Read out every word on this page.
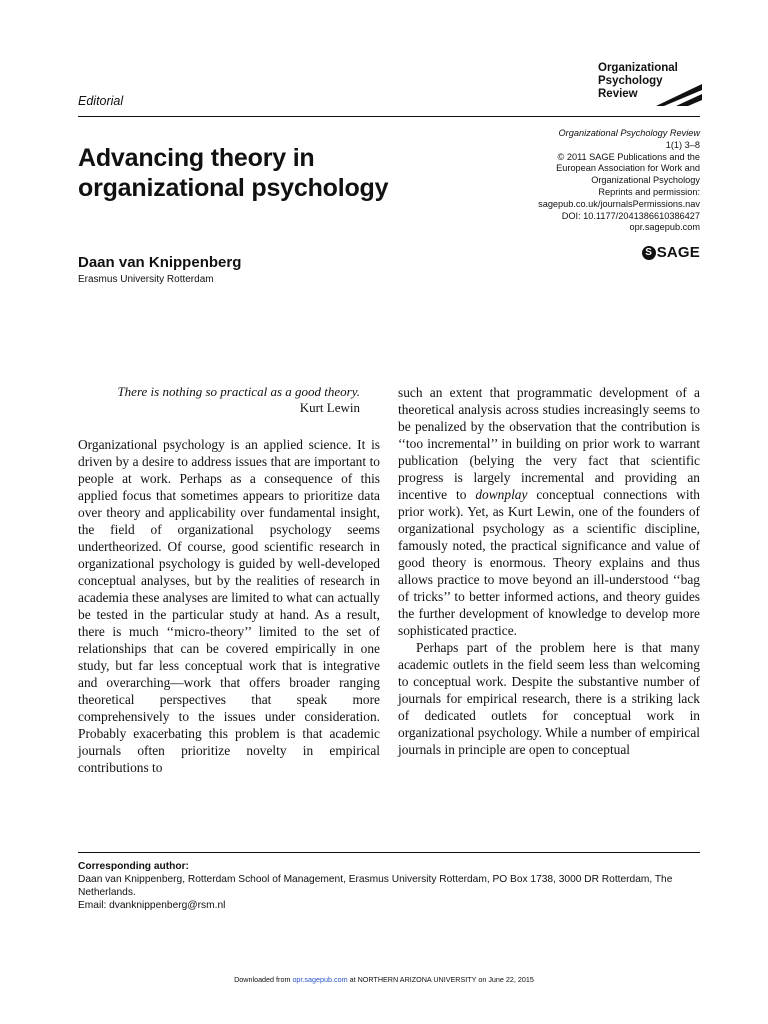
Organizational
Psychology
Review
Editorial
Organizational Psychology Review
1(1) 3–8
© 2011 SAGE Publications and the
European Association for Work and
Organizational Psychology
Reprints and permission:
sagepub.co.uk/journalsPermissions.nav
DOI: 10.1177/2041386610386427
opr.sagepub.com
S SAGE
Advancing theory in organizational psychology
Daan van Knippenberg
Erasmus University Rotterdam
There is nothing so practical as a good theory.
Kurt Lewin

Organizational psychology is an applied science. It is driven by a desire to address issues that are important to people at work. Perhaps as a consequence of this applied focus that sometimes appears to prioritize data over theory and applicability over fundamental insight, the field of organizational psychology seems undertheorized. Of course, good scientific research in organizational psychology is guided by well-developed conceptual analyses, but by the realities of research in academia these analyses are limited to what can actually be tested in the particular study at hand. As a result, there is much ‘‘micro-theory’’ limited to the set of relationships that can be covered empirically in one study, but far less conceptual work that is integrative and overarching—work that offers broader ranging theoretical perspectives that speak more comprehensively to the issues under consideration. Probably exacerbating this problem is that academic journals often prioritize novelty in empirical contributions to

such an extent that programmatic development of a theoretical analysis across studies increasingly seems to be penalized by the observation that the contribution is ‘‘too incremental’’ in building on prior work to warrant publication (belying the very fact that scientific progress is largely incremental and providing an incentive to downplay conceptual connections with prior work). Yet, as Kurt Lewin, one of the founders of organizational psychology as a scientific discipline, famously noted, the practical significance and value of good theory is enormous. Theory explains and thus allows practice to move beyond an ill-understood ‘‘bag of tricks’’ to better informed actions, and theory guides the further development of knowledge to develop more sophisticated practice.

Perhaps part of the problem here is that many academic outlets in the field seem less than welcoming to conceptual work. Despite the substantive number of journals for empirical research, there is a striking lack of dedicated outlets for conceptual work in organizational psychology. While a number of empirical journals in principle are open to conceptual

Corresponding author:
Daan van Knippenberg, Rotterdam School of Management, Erasmus University Rotterdam, PO Box 1738, 3000 DR Rotterdam, The Netherlands.
Email: dvanknippenberg@rsm.nl
Downloaded from opr.sagepub.com at NORTHERN ARIZONA UNIVERSITY on June 22, 2015
